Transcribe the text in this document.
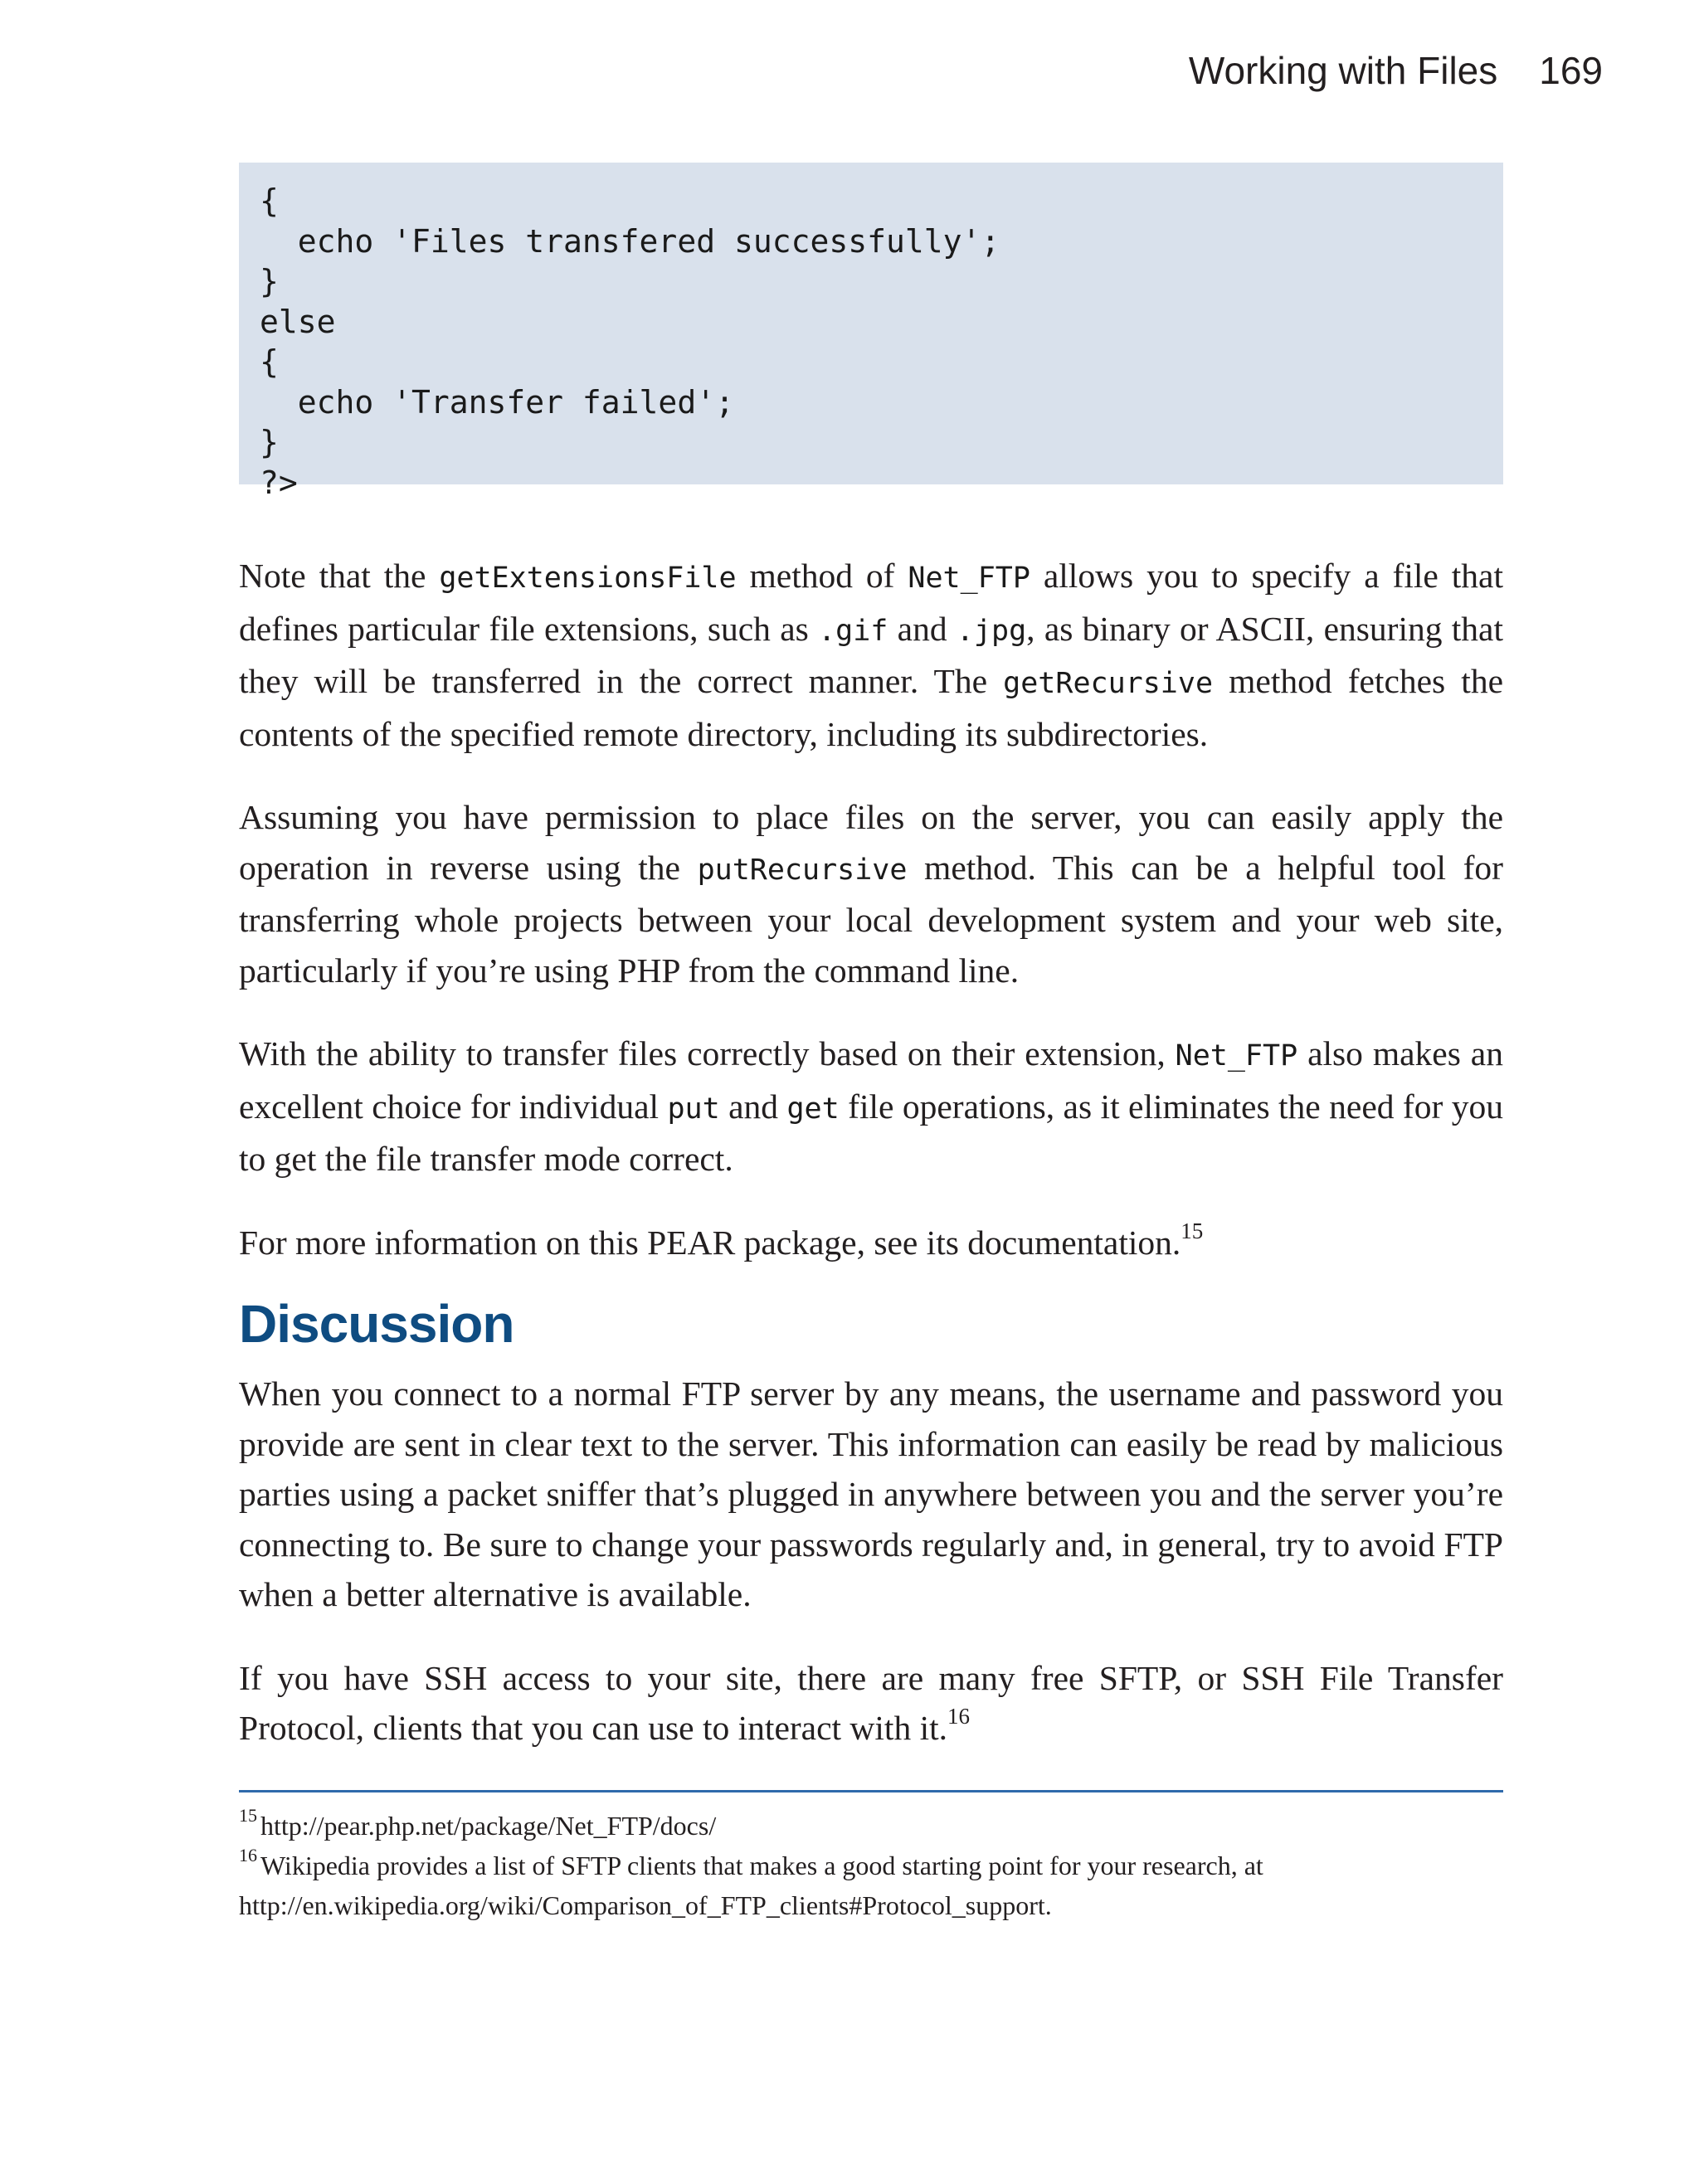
Working with Files 169
{
echo 'Files transfered successfully';
}
else
{
echo 'Transfer failed';
}
?>

Note that the getExtensionsFile method of Net_FTP allows you to specify a file that defines particular file extensions, such as .gif and .jpg, as binary or ASCII, ensuring that they will be transferred in the correct manner. The getRecursive method fetches the contents of the specified remote directory, including its subdirectories.

Assuming you have permission to place files on the server, you can easily apply the operation in reverse using the putRecursive method. This can be a helpful tool for transferring whole projects between your local development system and your web site, particularly if you’re using PHP from the command line.

With the ability to transfer files correctly based on their extension, Net_FTP also makes an excellent choice for individual put and get file operations, as it eliminates the need for you to get the file transfer mode correct.

For more information on this PEAR package, see its documentation.$^{15}$

Discussion

When you connect to a normal FTP server by any means, the username and password you provide are sent in clear text to the server. This information can easily be read by malicious parties using a packet sniffer that’s plugged in anywhere between you and the server you’re connecting to. Be sure to change your passwords regularly and, in general, try to avoid FTP when a better alternative is available.

If you have SSH access to your site, there are many free SFTP, or SSH File Transfer Protocol, clients that you can use to interact with it.$^{16}$

$^{15}$ http://pear.php.net/package/Net_FTP/docs/

$^{16}$ Wikipedia provides a list of SFTP clients that makes a good starting point for your research, at http://en.wikipedia.org/wiki/Comparison_of_FTP_clients#Protocol_support.
